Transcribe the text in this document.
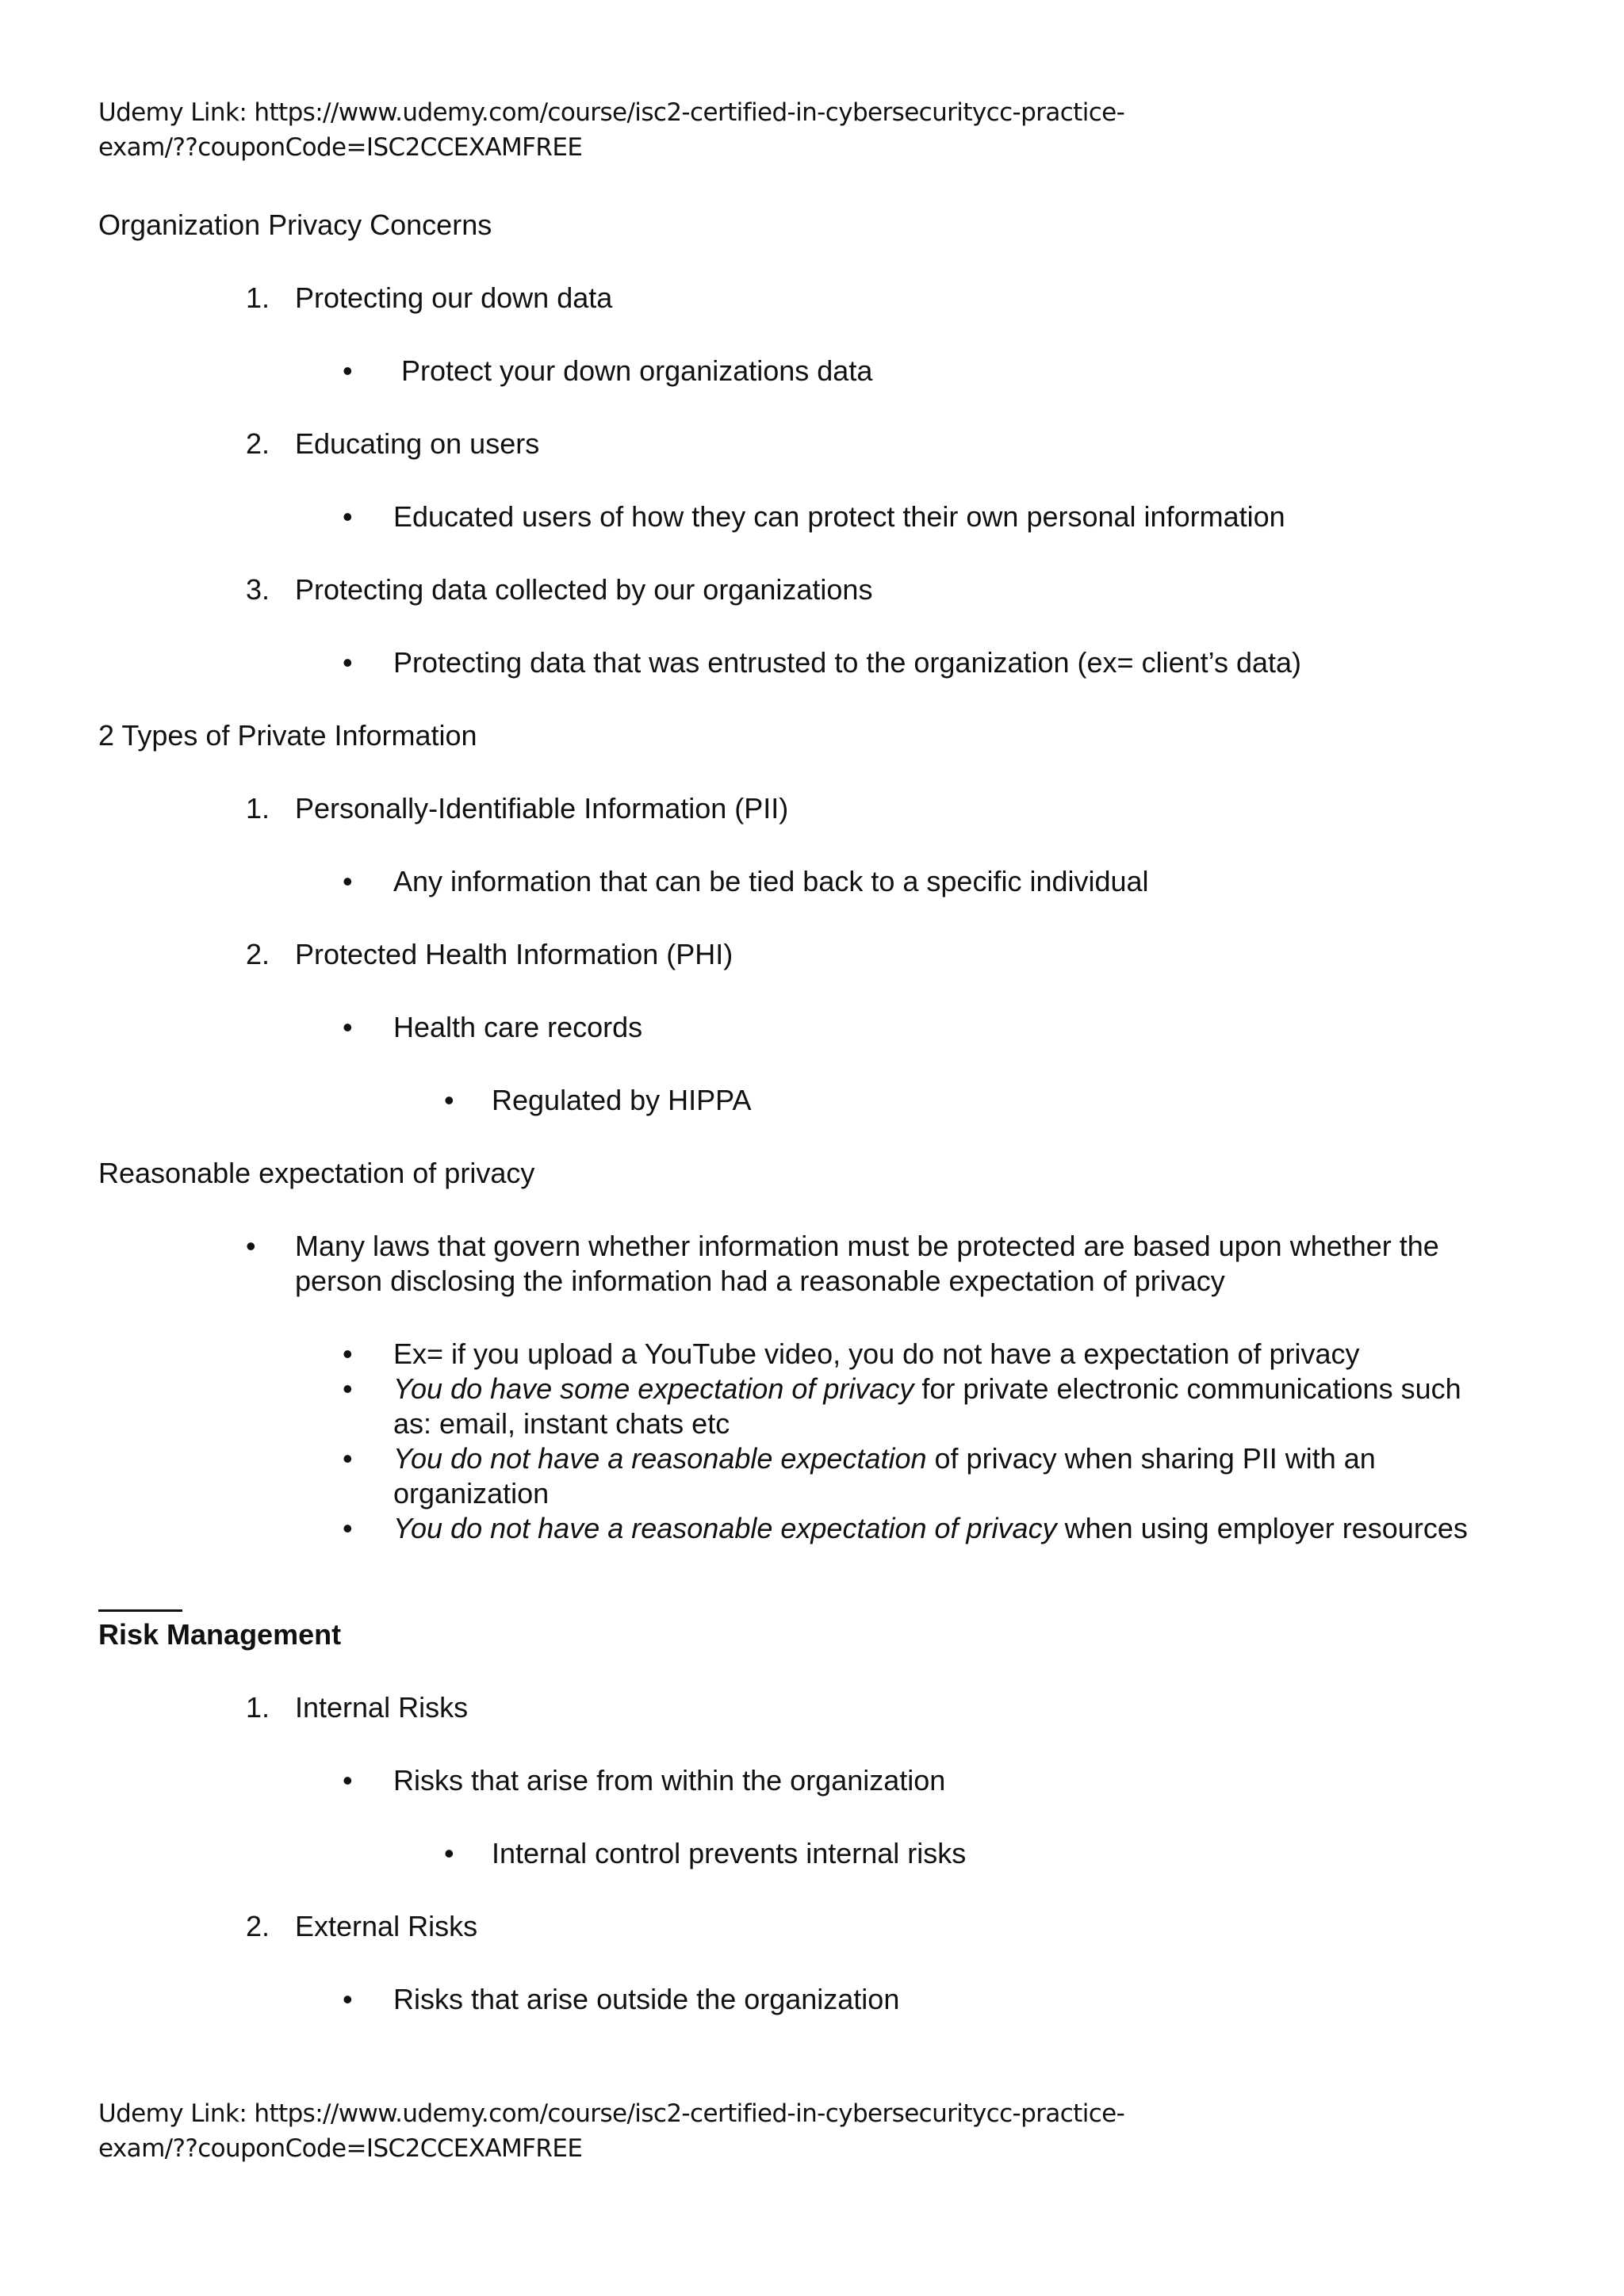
Udemy Link: https://www.udemy.com/course/isc2-certified-in-cybersecuritycc-practice-
exam/??couponCode=ISC2CCEXAMFREE
Organization Privacy Concerns
1. Protecting our down data
• Protect your down organizations data
2. Educating on users
• Educated users of how they can protect their own personal information
3. Protecting data collected by our organizations
• Protecting data that was entrusted to the organization (ex= client’s data)
2 Types of Private Information
1. Personally-Identifiable Information (PII)
• Any information that can be tied back to a specific individual
2. Protected Health Information (PHI)
• Health care records
• Regulated by HIPPA
Reasonable expectation of privacy
• Many laws that govern whether information must be protected are based upon whether the
person disclosing the information had a reasonable expectation of privacy
• Ex= if you upload a YouTube video, you do not have a expectation of privacy
• You do have some expectation of privacy for private electronic communications such
as: email, instant chats etc
• You do not have a reasonable expectation of privacy when sharing PII with an
organization
• You do not have a reasonable expectation of privacy when using employer resources
Risk Management
1. Internal Risks
• Risks that arise from within the organization
• Internal control prevents internal risks
2. External Risks
• Risks that arise outside the organization
Udemy Link: https://www.udemy.com/course/isc2-certified-in-cybersecuritycc-practice-
exam/??couponCode=ISC2CCEXAMFREE
